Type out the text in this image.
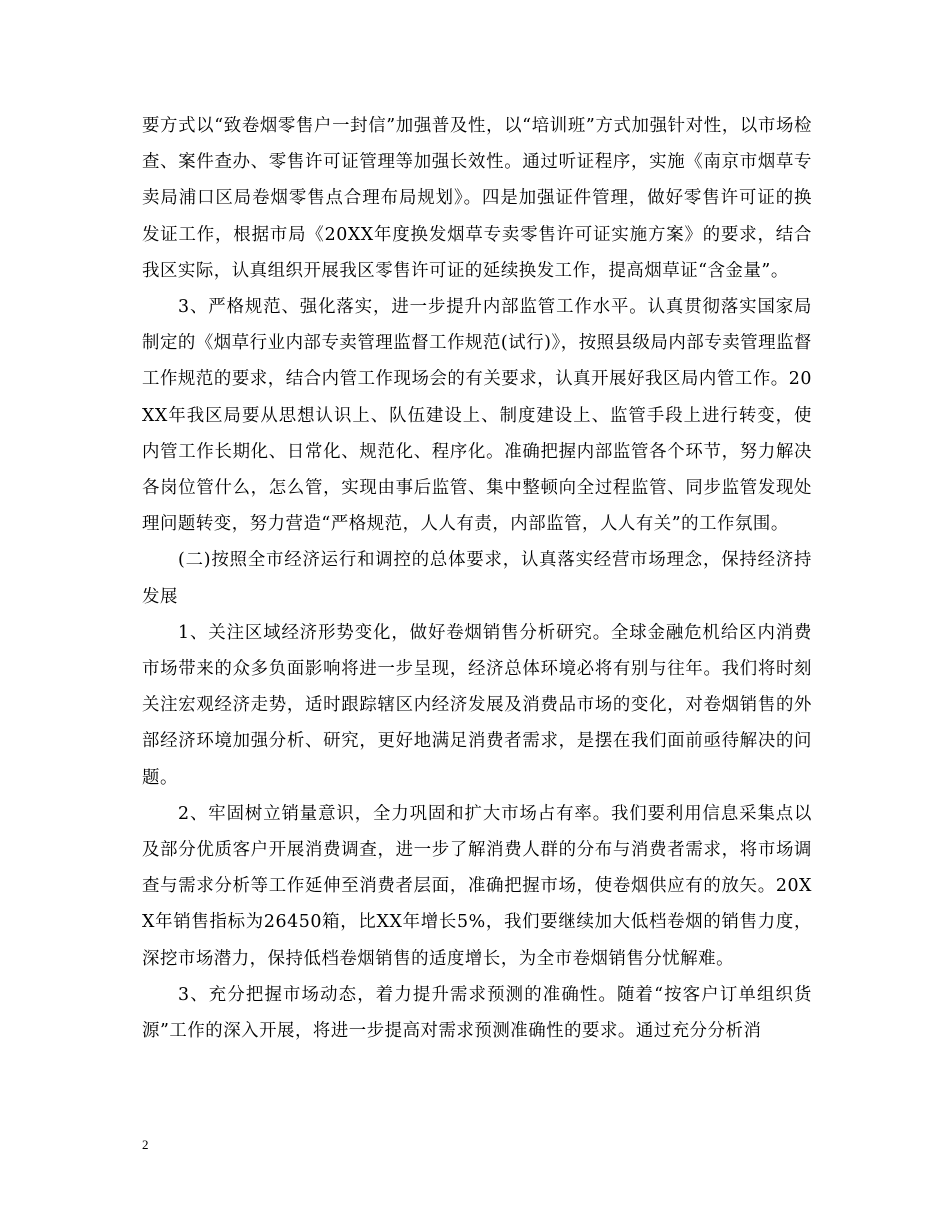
要方式以“致卷烟零售户一封信”加强普及性，以“培训班”方式加强针对性，以市场检查、案件查办、零售许可证管理等加强长效性。通过听证程序，实施《南京市烟草专卖局浦口区局卷烟零售点合理布局规划》。四是加强证件管理，做好零售许可证的换发证工作，根据市局《20XX年度换发烟草专卖零售许可证实施方案》的要求，结合我区实际，认真组织开展我区零售许可证的延续换发工作，提高烟草证“含金量”。

3、严格规范、强化落实，进一步提升内部监管工作水平。认真贯彻落实国家局制定的《烟草行业内部专卖管理监督工作规范(试行)》，按照县级局内部专卖管理监督工作规范的要求，结合内管工作现场会的有关要求，认真开展好我区局内管工作。20XX年我区局要从思想认识上、队伍建设上、制度建设上、监管手段上进行转变，使内管工作长期化、日常化、规范化、程序化。准确把握内部监管各个环节，努力解决各岗位管什么，怎么管，实现由事后监管、集中整顿向全过程监管、同步监管发现处理问题转变，努力营造“严格规范，人人有责，内部监管，人人有关”的工作氛围。

(二)按照全市经济运行和调控的总体要求，认真落实经营市场理念，保持经济持发展

1、关注区域经济形势变化，做好卷烟销售分析研究。全球金融危机给区内消费市场带来的众多负面影响将进一步呈现，经济总体环境必将有别与往年。我们将时刻关注宏观经济走势，适时跟踪辖区内经济发展及消费品市场的变化，对卷烟销售的外部经济环境加强分析、研究，更好地满足消费者需求，是摆在我们面前亟待解决的问题。

2、牢固树立销量意识，全力巩固和扩大市场占有率。我们要利用信息采集点以及部分优质客户开展消费调查，进一步了解消费人群的分布与消费者需求，将市场调查与需求分析等工作延伸至消费者层面，准确把握市场，使卷烟供应有的放矢。20XX年销售指标为26450箱，比XX年增长5%，我们要继续加大低档卷烟的销售力度，深挖市场潜力，保持低档卷烟销售的适度增长，为全市卷烟销售分忧解难。

3、充分把握市场动态，着力提升需求预测的准确性。随着“按客户订单组织货源”工作的深入开展，将进一步提高对需求预测准确性的要求。通过充分分析消

2
